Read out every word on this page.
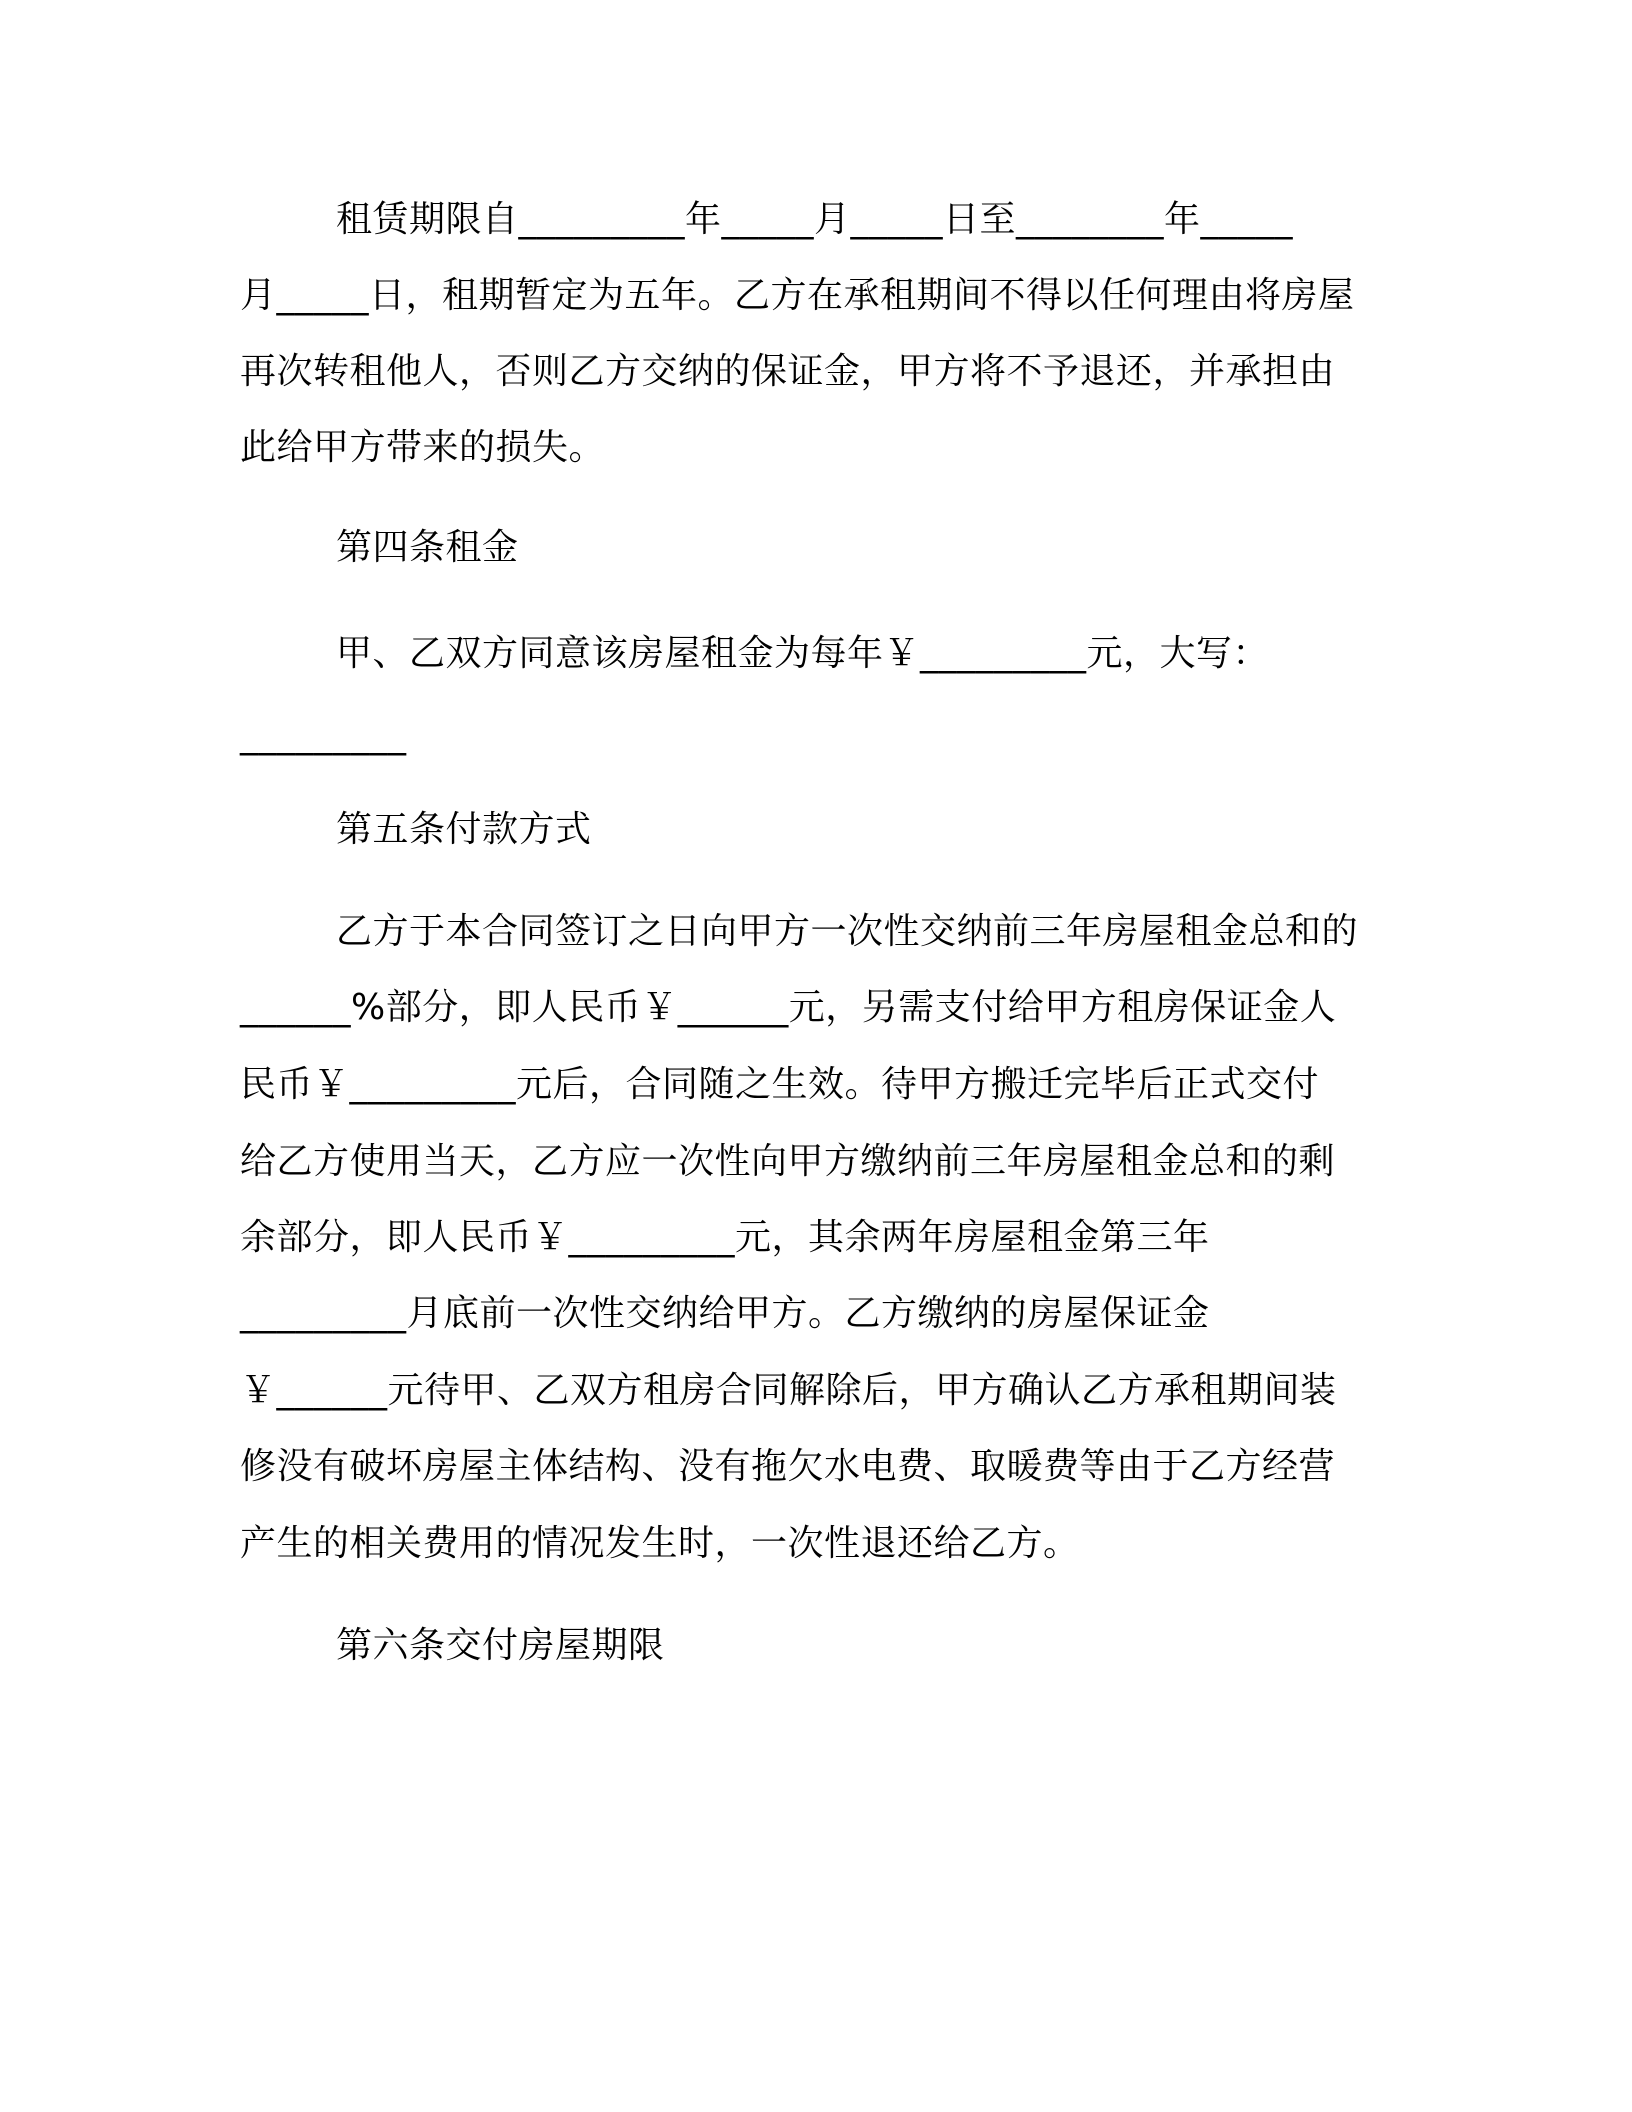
租赁期限自_________年_____月_____日至________年_____
月_____日，租期暂定为五年。乙方在承租期间不得以任何理由将房屋
再次转租他人，否则乙方交纳的保证金，甲方将不予退还，并承担由
此给甲方带来的损失。
第四条租金
甲、乙双方同意该房屋租金为每年￥_________元，大写：
_________
第五条付款方式
乙方于本合同签订之日向甲方一次性交纳前三年房屋租金总和的
______%部分，即人民币￥______元，另需支付给甲方租房保证金人
民币￥_________元后，合同随之生效。待甲方搬迁完毕后正式交付
给乙方使用当天，乙方应一次性向甲方缴纳前三年房屋租金总和的剩
余部分，即人民币￥_________元，其余两年房屋租金第三年
_________月底前一次性交纳给甲方。乙方缴纳的房屋保证金
￥______元待甲、乙双方租房合同解除后，甲方确认乙方承租期间装
修没有破坏房屋主体结构、没有拖欠水电费、取暖费等由于乙方经营
产生的相关费用的情况发生时，一次性退还给乙方。
第六条交付房屋期限
